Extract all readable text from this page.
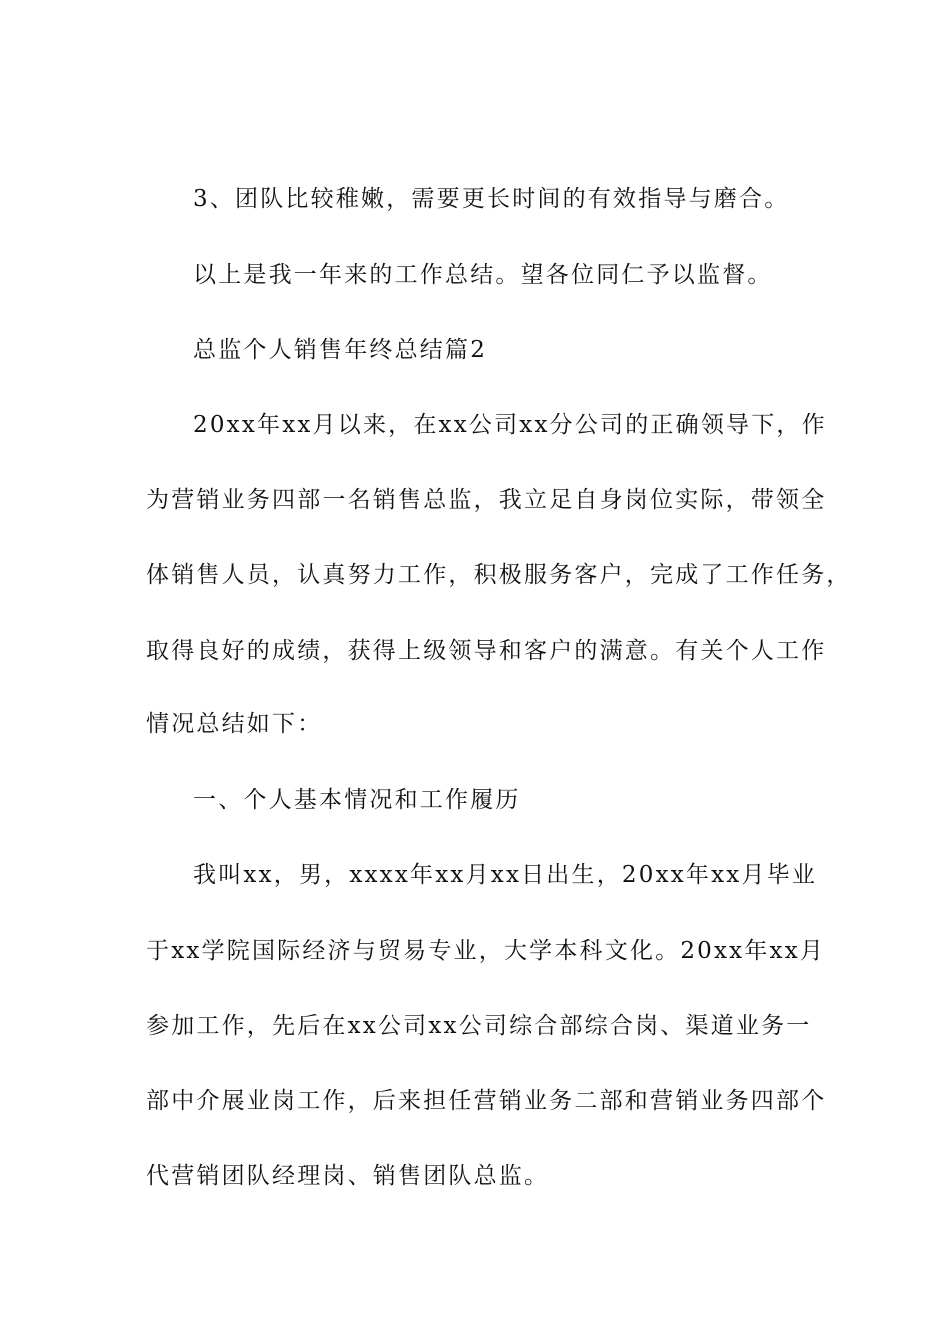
3、团队比较稚嫩，需要更长时间的有效指导与磨合。
以上是我一年来的工作总结。望各位同仁予以监督。
总监个人销售年终总结篇2
20xx年xx月以来，在xx公司xx分公司的正确领导下，作
为营销业务四部一名销售总监，我立足自身岗位实际，带领全
体销售人员，认真努力工作，积极服务客户，完成了工作任务，
取得良好的成绩，获得上级领导和客户的满意。有关个人工作
情况总结如下：
一、个人基本情况和工作履历
我叫xx，男，xxxx年xx月xx日出生，20xx年xx月毕业
于xx学院国际经济与贸易专业，大学本科文化。20xx年xx月
参加工作，先后在xx公司xx公司综合部综合岗、渠道业务一
部中介展业岗工作，后来担任营销业务二部和营销业务四部个
代营销团队经理岗、销售团队总监。
